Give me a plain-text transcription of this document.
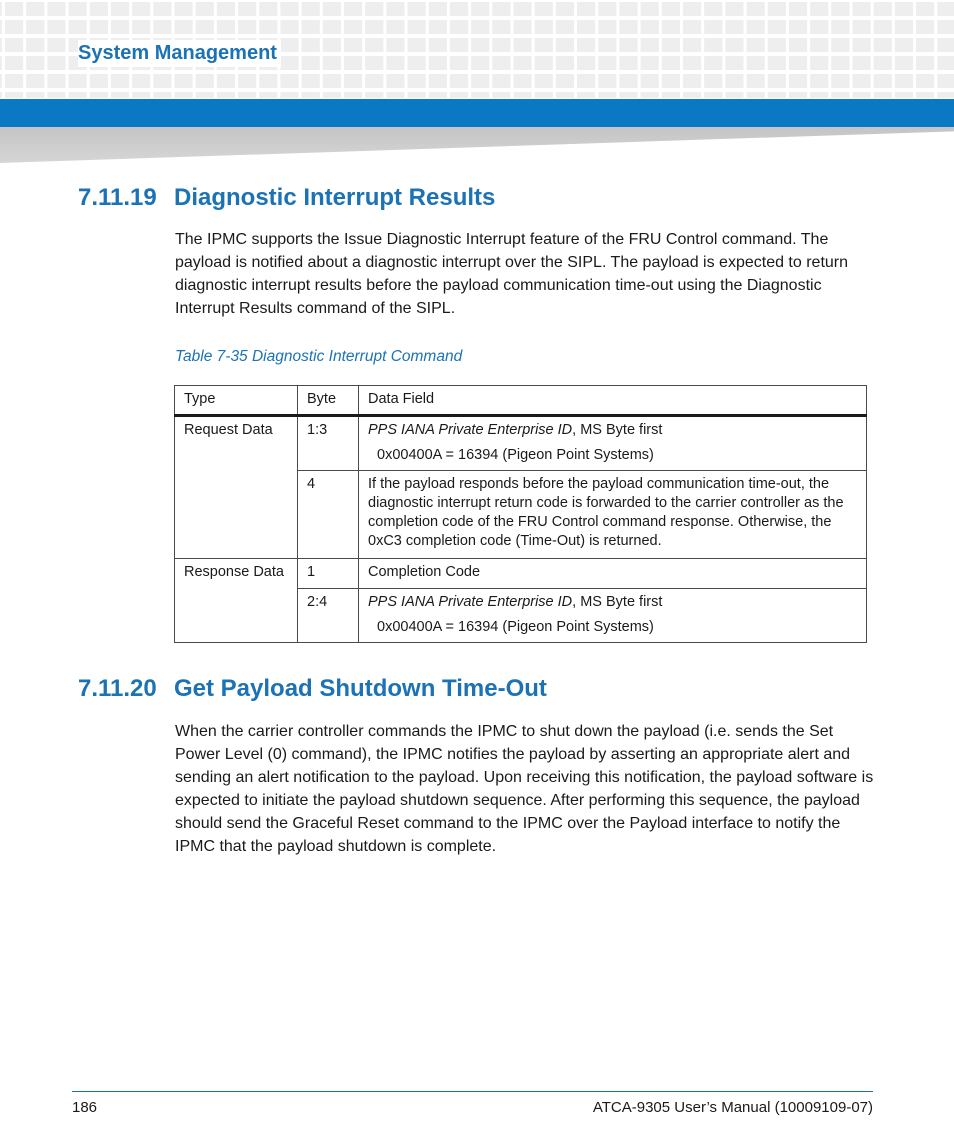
System Management
7.11.19 Diagnostic Interrupt Results

The IPMC supports the Issue Diagnostic Interrupt feature of the FRU Control command. The payload is notified about a diagnostic interrupt over the SIPL. The payload is expected to return diagnostic interrupt results before the payload communication time-out using the Diagnostic Interrupt Results command of the SIPL.

Table 7-35 Diagnostic Interrupt Command

Type	Byte	Data Field
Request Data	1:3	PPS IANA Private Enterprise ID, MS Byte first
0x00400A = 16394 (Pigeon Point Systems)

	4	If the payload responds before the payload communication time-out, the diagnostic interrupt return code is forwarded to the carrier controller as the completion code of the FRU Control command response. Otherwise, the 0xC3 completion code (Time-Out) is returned.
Response Data	1	Completion Code
	2:4	PPS IANA Private Enterprise ID, MS Byte first
0x00400A = 16394 (Pigeon Point Systems)
7.11.20 Get Payload Shutdown Time-Out

When the carrier controller commands the IPMC to shut down the payload (i.e. sends the Set Power Level (0) command), the IPMC notifies the payload by asserting an appropriate alert and sending an alert notification to the payload. Upon receiving this notification, the payload software is expected to initiate the payload shutdown sequence. After performing this sequence, the payload should send the Graceful Reset command to the IPMC over the Payload interface to notify the IPMC that the payload shutdown is complete.

186	ATCA-9305 User’s Manual (10009109-07)
